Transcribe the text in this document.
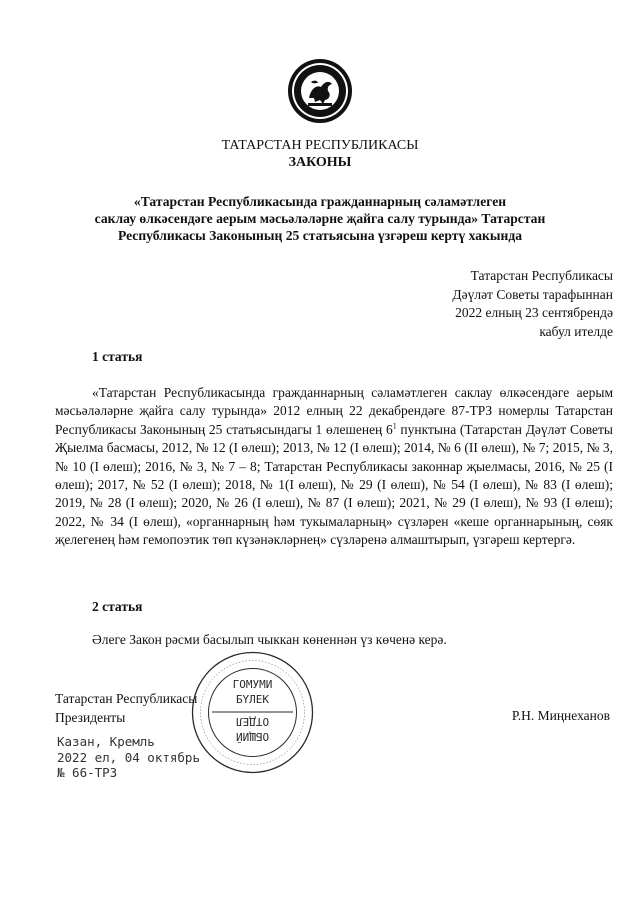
ТАТАРСТАН РЕСПУБЛИКАСЫ
ЗАКОНЫ
«Татарстан Республикасында гражданнарның сәламәтлеген
саклау өлкәсендәге аерым мәсьәләләрне җайга салу турында» Татарстан
Республикасы Законының 25 статьясына үзгәреш кертү хакында
Татарстан Республикасы
Дәүләт Советы тарафыннан
2022 елның 23 сентябрендә
кабул ителде
1 статья
«Татарстан Республикасында гражданнарның сәламәтлеген саклау өлкәсендәге аерым мәсьәләләрне җайга салу турында» 2012 елның 22 декабрендәге 87-ТРЗ номерлы Татарстан Республикасы Законының 25 статьясындагы 1 өлешенең $6^1$ пунктына (Татарстан Дәүләт Советы Җыелма басмасы, 2012, № 12 (I өлеш); 2013, № 12 (I өлеш); 2014, № 6 (II өлеш), № 7; 2015, № 3, № 10 (I өлеш); 2016, № 3, № 7 – 8; Татарстан Республикасы законнар җыелмасы, 2016, № 25 (I өлеш); 2017, № 52 (I өлеш); 2018, № 1(I өлеш), № 29 (I өлеш), № 54 (I өлеш), № 83 (I өлеш); 2019, № 28 (I өлеш); 2020, № 26 (I өлеш), № 87 (I өлеш); 2021, № 29 (I өлеш), № 93 (I өлеш); 2022, № 34 (I өлеш), «органнарның һәм тукымаларның» сүзләрен «кеше органнарының, сөяк җелегенең һәм гемопоэтик төп күзәнәкләрнең» сүзләренә алмаштырып, үзгәреш кертергә.
2 статья
Әлеге Закон рәсми басылып чыккан көненнән үз көченә керә.
ГОМУМИ
БҮЛЕК
ОТДЕЛ
ОБЩИЙ
Татарстан Республикасы
Президенты	Р.Н. Миңнеханов
Казан, Кремль
2022 ел, 04 октябрь
№ 66-ТРЗ
